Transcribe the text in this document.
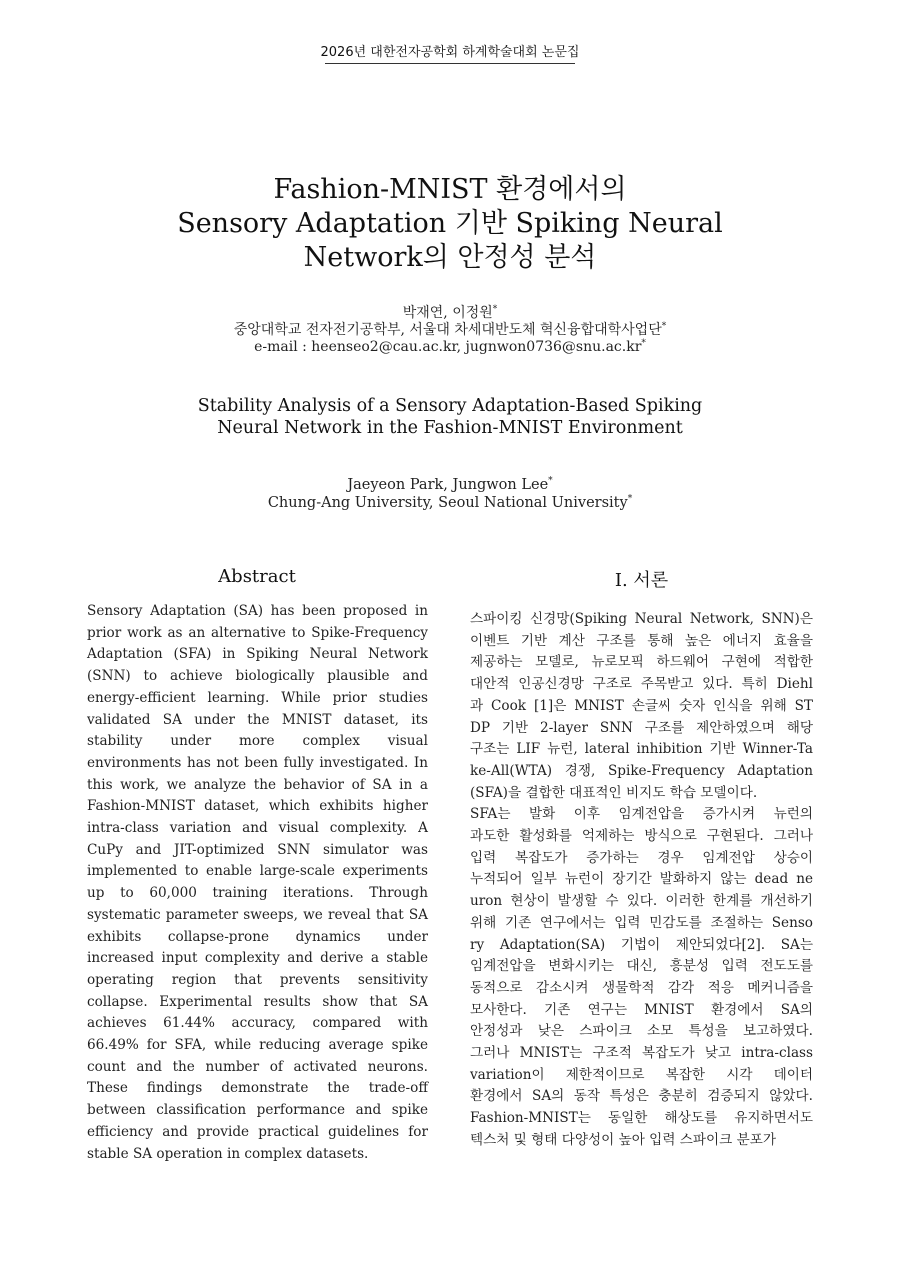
2026년 대한전자공학회 하계학술대회 논문집
Fashion-MNIST 환경에서의
Sensory Adaptation 기반 Spiking Neural
Network의 안정성 분석
박재연, 이정원*
중앙대학교 전자전기공학부, 서울대 차세대반도체 혁신융합대학사업단*
e-mail : heenseo2@cau.ac.kr, jugnwon0736@snu.ac.kr*
Stability Analysis of a Sensory Adaptation-Based Spiking
Neural Network in the Fashion-MNIST Environment
Jaeyeon Park, Jungwon Lee*
Chung-Ang University, Seoul National University*
Abstract	I. 서론
Sensory Adaptation (SA) has been proposed in
prior work as an alternative to Spike-Frequency
Adaptation (SFA) in Spiking Neural Network
(SNN) to achieve biologically plausible and
energy-efficient learning. While prior studies
validated SA under the MNIST dataset, its
stability under more complex visual
environments has not been fully investigated. In
this work, we analyze the behavior of SA in a
Fashion-MNIST dataset, which exhibits higher
intra-class variation and visual complexity. A
CuPy and JIT-optimized SNN simulator was
implemented to enable large-scale experiments
up to 60,000 training iterations. Through
systematic parameter sweeps, we reveal that SA
exhibits collapse-prone dynamics under
increased input complexity and derive a stable
operating region that prevents sensitivity
collapse. Experimental results show that SA
achieves 61.44% accuracy, compared with
66.49% for SFA, while reducing average spike
count and the number of activated neurons.
These findings demonstrate the trade-off
between classification performance and spike
efficiency and provide practical guidelines for
stable SA operation in complex datasets.
스파이킹 신경망(Spiking Neural Network, SNN)은
이벤트 기반 계산 구조를 통해 높은 에너지 효율을
제공하는 모델로, 뉴로모픽 하드웨어 구현에 적합한
대안적 인공신경망 구조로 주목받고 있다. 특히 Diehl
과 Cook [1]은 MNIST 손글씨 숫자 인식을 위해 ST
DP 기반 2-layer SNN 구조를 제안하였으며 해당
구조는 LIF 뉴런, lateral inhibition 기반 Winner-Ta
ke-All(WTA) 경쟁, Spike-Frequency Adaptation
(SFA)을 결합한 대표적인 비지도 학습 모델이다.
SFA는 발화 이후 임계전압을 증가시켜 뉴런의
과도한 활성화를 억제하는 방식으로 구현된다. 그러나
입력 복잡도가 증가하는 경우 임계전압 상승이
누적되어 일부 뉴런이 장기간 발화하지 않는 dead ne
uron 현상이 발생할 수 있다. 이러한 한계를 개선하기
위해 기존 연구에서는 입력 민감도를 조절하는 Senso
ry Adaptation(SA) 기법이 제안되었다[2]. SA는
임계전압을 변화시키는 대신, 흥분성 입력 전도도를
동적으로 감소시켜 생물학적 감각 적응 메커니즘을
모사한다. 기존 연구는 MNIST 환경에서 SA의
안정성과 낮은 스파이크 소모 특성을 보고하였다.
그러나 MNIST는 구조적 복잡도가 낮고 intra-class
variation이 제한적이므로 복잡한 시각 데이터
환경에서 SA의 동작 특성은 충분히 검증되지 않았다.
Fashion-MNIST는 동일한 해상도를 유지하면서도
텍스처 및 형태 다양성이 높아 입력 스파이크 분포가
